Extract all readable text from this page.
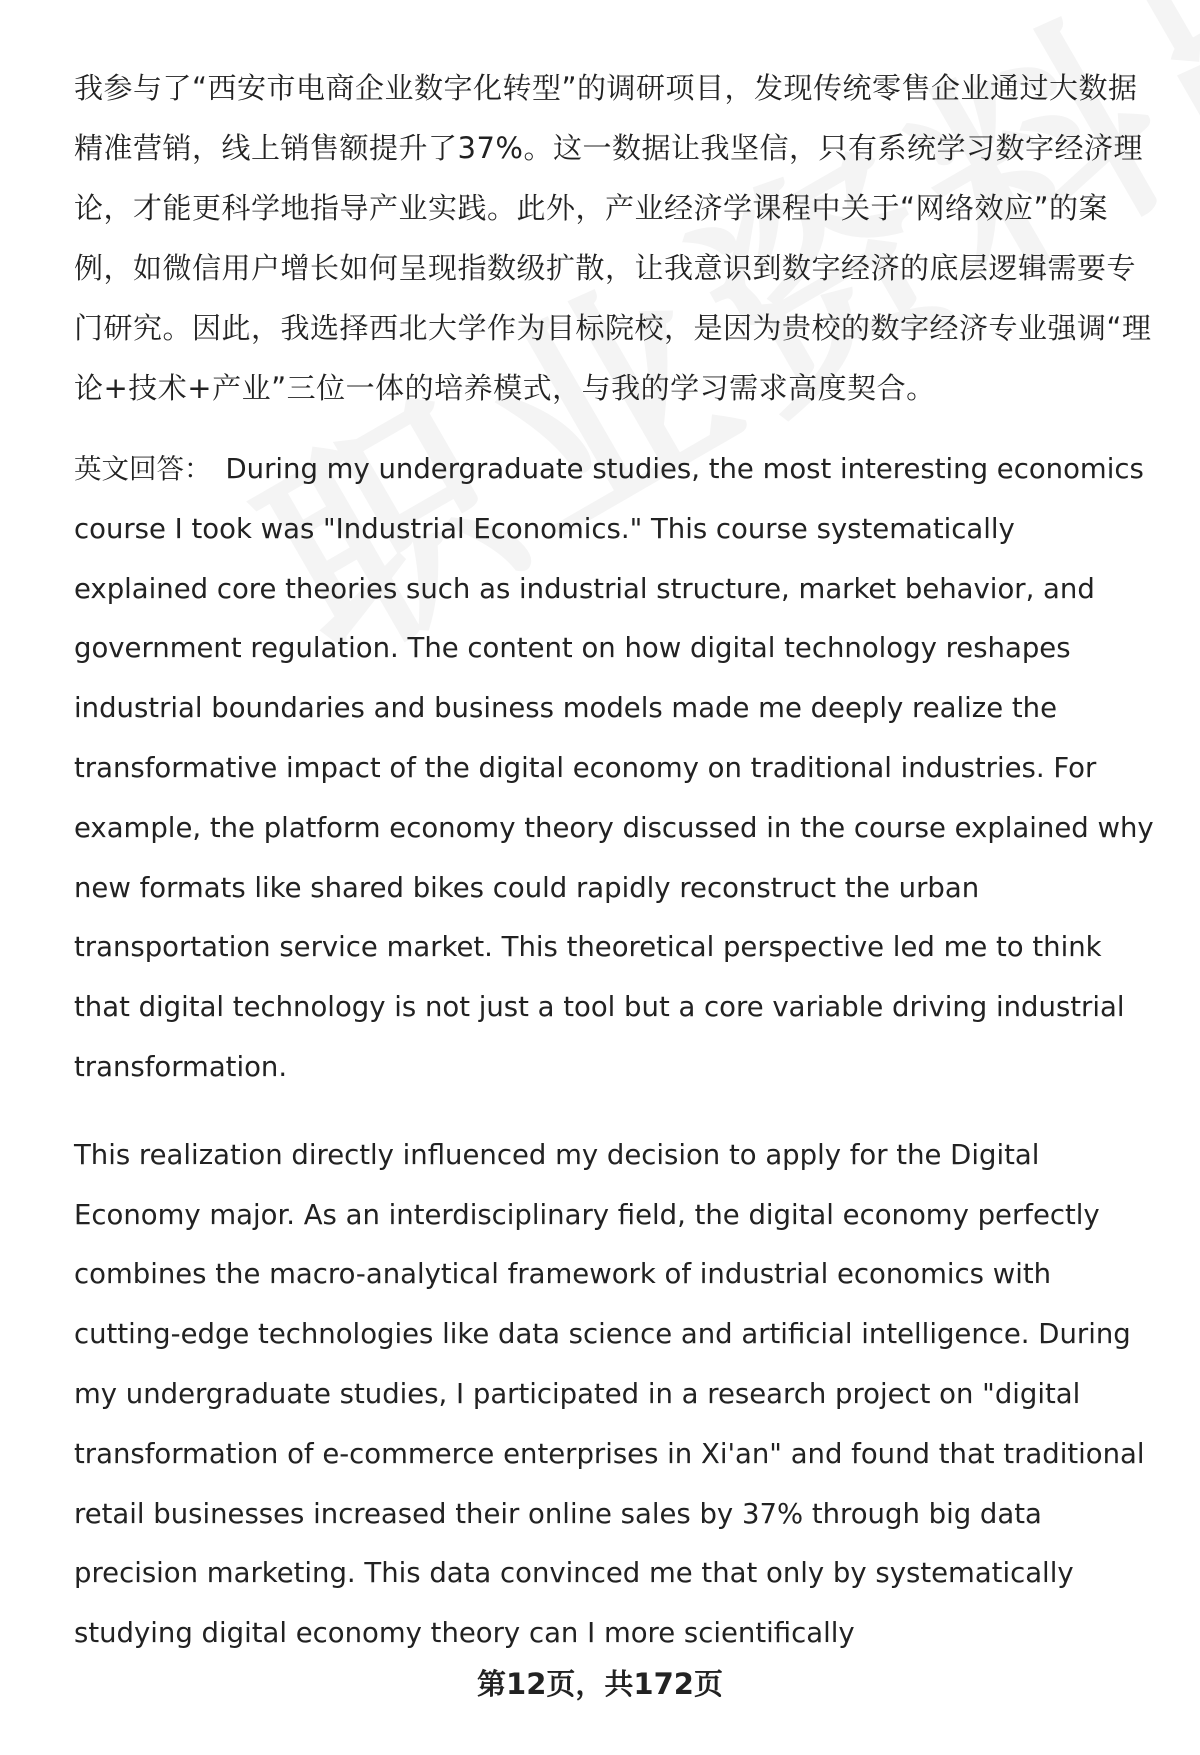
我参与了“西安市电商企业数字化转型”的调研项目，发现传统零售企业通过大数据精准营销，线上销售额提升了37%。这一数据让我坚信，只有系统学习数字经济理论，才能更科学地指导产业实践。此外，产业经济学课程中关于“网络效应”的案例，如微信用户增长如何呈现指数级扩散，让我意识到数字经济的底层逻辑需要专门研究。因此，我选择西北大学作为目标院校，是因为贵校的数字经济专业强调“理论+技术+产业”三位一体的培养模式，与我的学习需求高度契合。

英文回答： During my undergraduate studies, the most interesting economics course I took was "Industrial Economics." This course systematically explained core theories such as industrial structure, market behavior, and government regulation. The content on how digital technology reshapes industrial boundaries and business models made me deeply realize the transformative impact of the digital economy on traditional industries. For example, the platform economy theory discussed in the course explained why new formats like shared bikes could rapidly reconstruct the urban transportation service market. This theoretical perspective led me to think that digital technology is not just a tool but a core variable driving industrial transformation.

This realization directly influenced my decision to apply for the Digital Economy major. As an interdisciplinary field, the digital economy perfectly combines the macro-analytical framework of industrial economics with cutting-edge technologies like data science and artificial intelligence. During my undergraduate studies, I participated in a research project on "digital transformation of e-commerce enterprises in Xi'an" and found that traditional retail businesses increased their online sales by 37% through big data precision marketing. This data convinced me that only by systematically studying digital economy theory can I more scientifically

第12页，共172页
